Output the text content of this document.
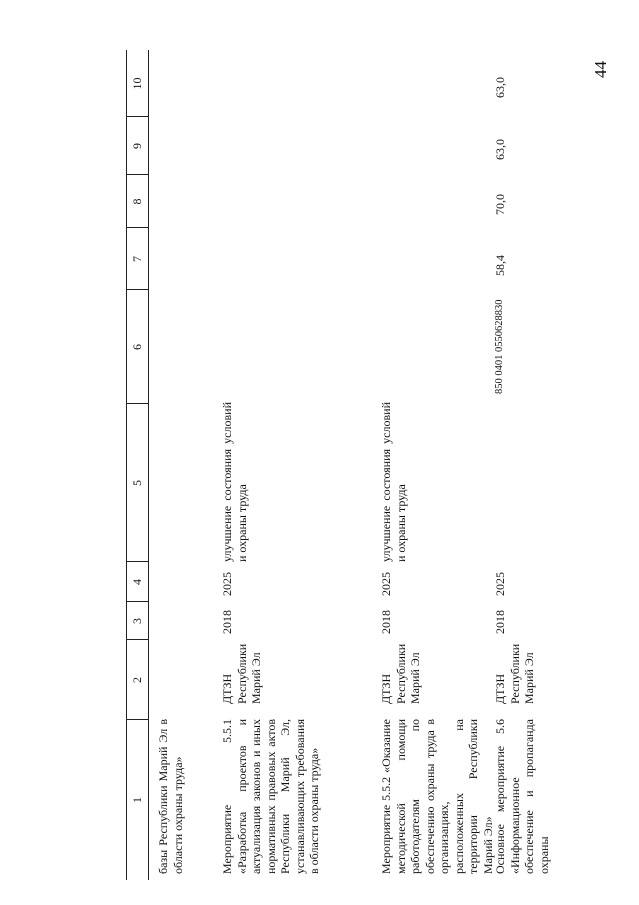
44
1
2
3
4
5
6
7
8
9
10
базы Республики Марий Эл в области охраны труда»	Мероприятие 5.5.1 «Разработка проектов и актуализация законов и иных нормативных правовых актов Республики Марий Эл, устанавливающих требования в области охраны труда»
ДТЗН Республики Марий Эл
2018
2025
улучшение состояния условий и охраны труда
Мероприятие 5.5.2 «Оказание методической помощи работодателям по обеспечению охраны труда в организациях, расположенных на территории Республики Марий Эл»
ДТЗН Республики Марий Эл
2018
2025
улучшение состояния условий и охраны труда
Основное мероприятие 5.6 «Информационное обеспечение и пропаганда охраны
ДТЗН Республики Марий Эл
2018
2025
850 0401 0550628830
58,4
70,0
63,0
63,0
